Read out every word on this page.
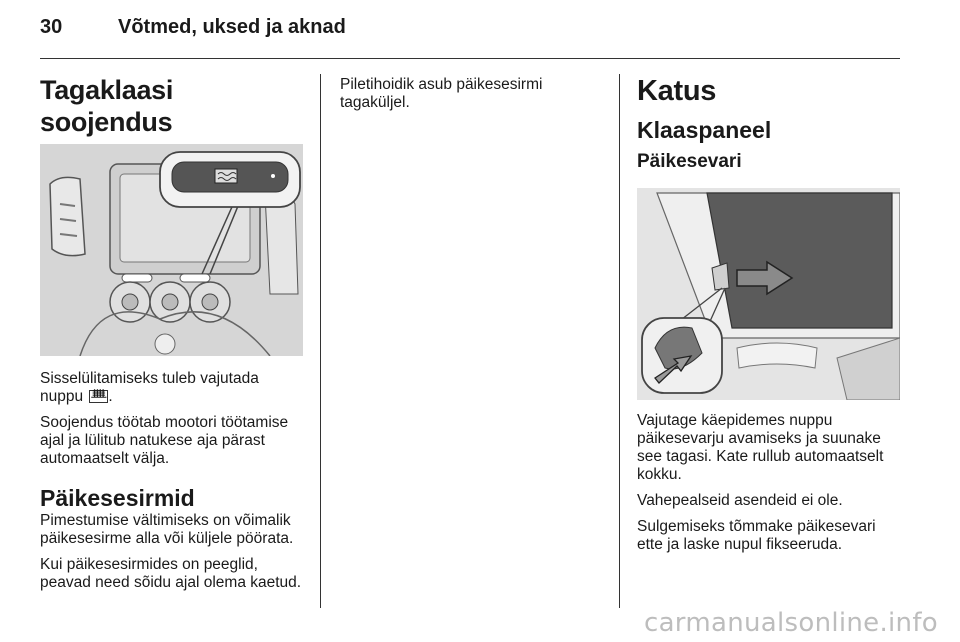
30	Võtmed, uksed ja aknad
Tagaklaasi soojendus

Sisselülitamiseks tuleb vajutada
nuppu ᚙ .

Soojendus töötab mootori töötamise ajal ja lülitub natukese aja pärast automaatselt välja.

Päikesesirmid

Pimestumise vältimiseks on võimalik päikesesirme alla või küljele pöörata.

Kui päikesesirmides on peeglid, peavad need sõidu ajal olema kaetud.

Piletihoidik asub päikesesirmi tagaküljel.	Katus
Klaaspaneel
Päikesevari

Vajutage käepidemes nuppu päikesevarju avamiseks ja suunake see tagasi. Kate rullub automaatselt kokku.

Vahepealseid asendeid ei ole.

Sulgemiseks tõmmake päikesevari ette ja laske nupul fikseeruda.

carmanualsonline.info
